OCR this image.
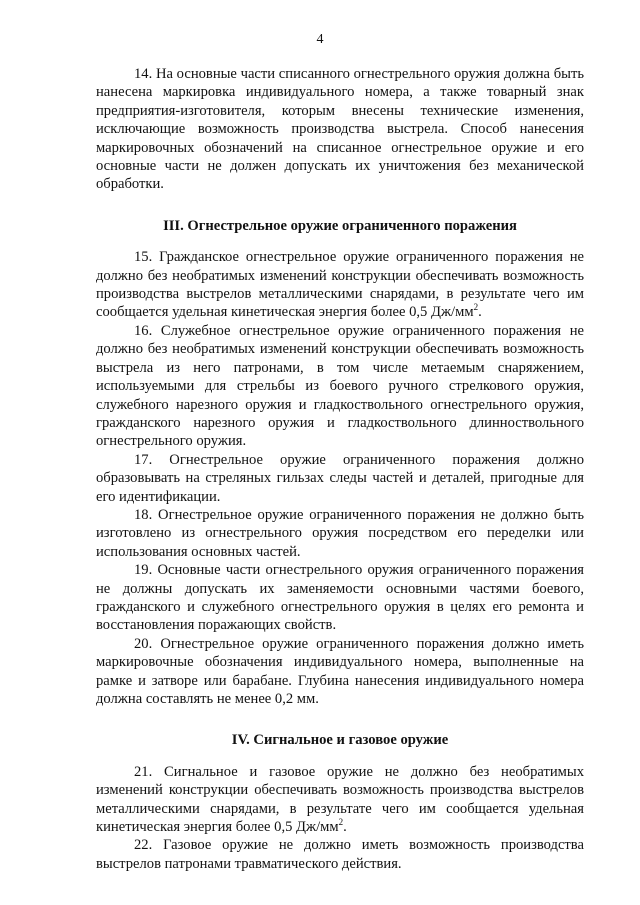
4

14. На основные части списанного огнестрельного оружия должна быть нанесена маркировка индивидуального номера, а также товарный знак предприятия-изготовителя, которым внесены технические изменения, исключающие возможность производства выстрела. Способ нанесения маркировочных обозначений на списанное огнестрельное оружие и его основные части не должен допускать их уничтожения без механической обработки.

III. Огнестрельное оружие ограниченного поражения

15. Гражданское огнестрельное оружие ограниченного поражения не должно без необратимых изменений конструкции обеспечивать возможность производства выстрелов металлическими снарядами, в результате чего им сообщается удельная кинетическая энергия более 0,5 $Дж/мм^2$.

16. Служебное огнестрельное оружие ограниченного поражения не должно без необратимых изменений конструкции обеспечивать возможность выстрела из него патронами, в том числе метаемым снаряжением, используемыми для стрельбы из боевого ручного стрелкового оружия, служебного нарезного оружия и гладкоствольного огнестрельного оружия, гражданского нарезного оружия и гладкоствольного длинноствольного огнестрельного оружия.

17. Огнестрельное оружие ограниченного поражения должно образовывать на стреляных гильзах следы частей и деталей, пригодные для его идентификации.

18. Огнестрельное оружие ограниченного поражения не должно быть изготовлено из огнестрельного оружия посредством его переделки или использования основных частей.

19. Основные части огнестрельного оружия ограниченного поражения не должны допускать их заменяемости основными частями боевого, гражданского и служебного огнестрельного оружия в целях его ремонта и восстановления поражающих свойств.

20. Огнестрельное оружие ограниченного поражения должно иметь маркировочные обозначения индивидуального номера, выполненные на рамке и затворе или барабане. Глубина нанесения индивидуального номера должна составлять не менее 0,2 мм.

IV. Сигнальное и газовое оружие

21. Сигнальное и газовое оружие не должно без необратимых изменений конструкции обеспечивать возможность производства выстрелов металлическими снарядами, в результате чего им сообщается удельная кинетическая энергия более 0,5 $Дж/мм^2$.

22. Газовое оружие не должно иметь возможность производства выстрелов патронами травматического действия.
